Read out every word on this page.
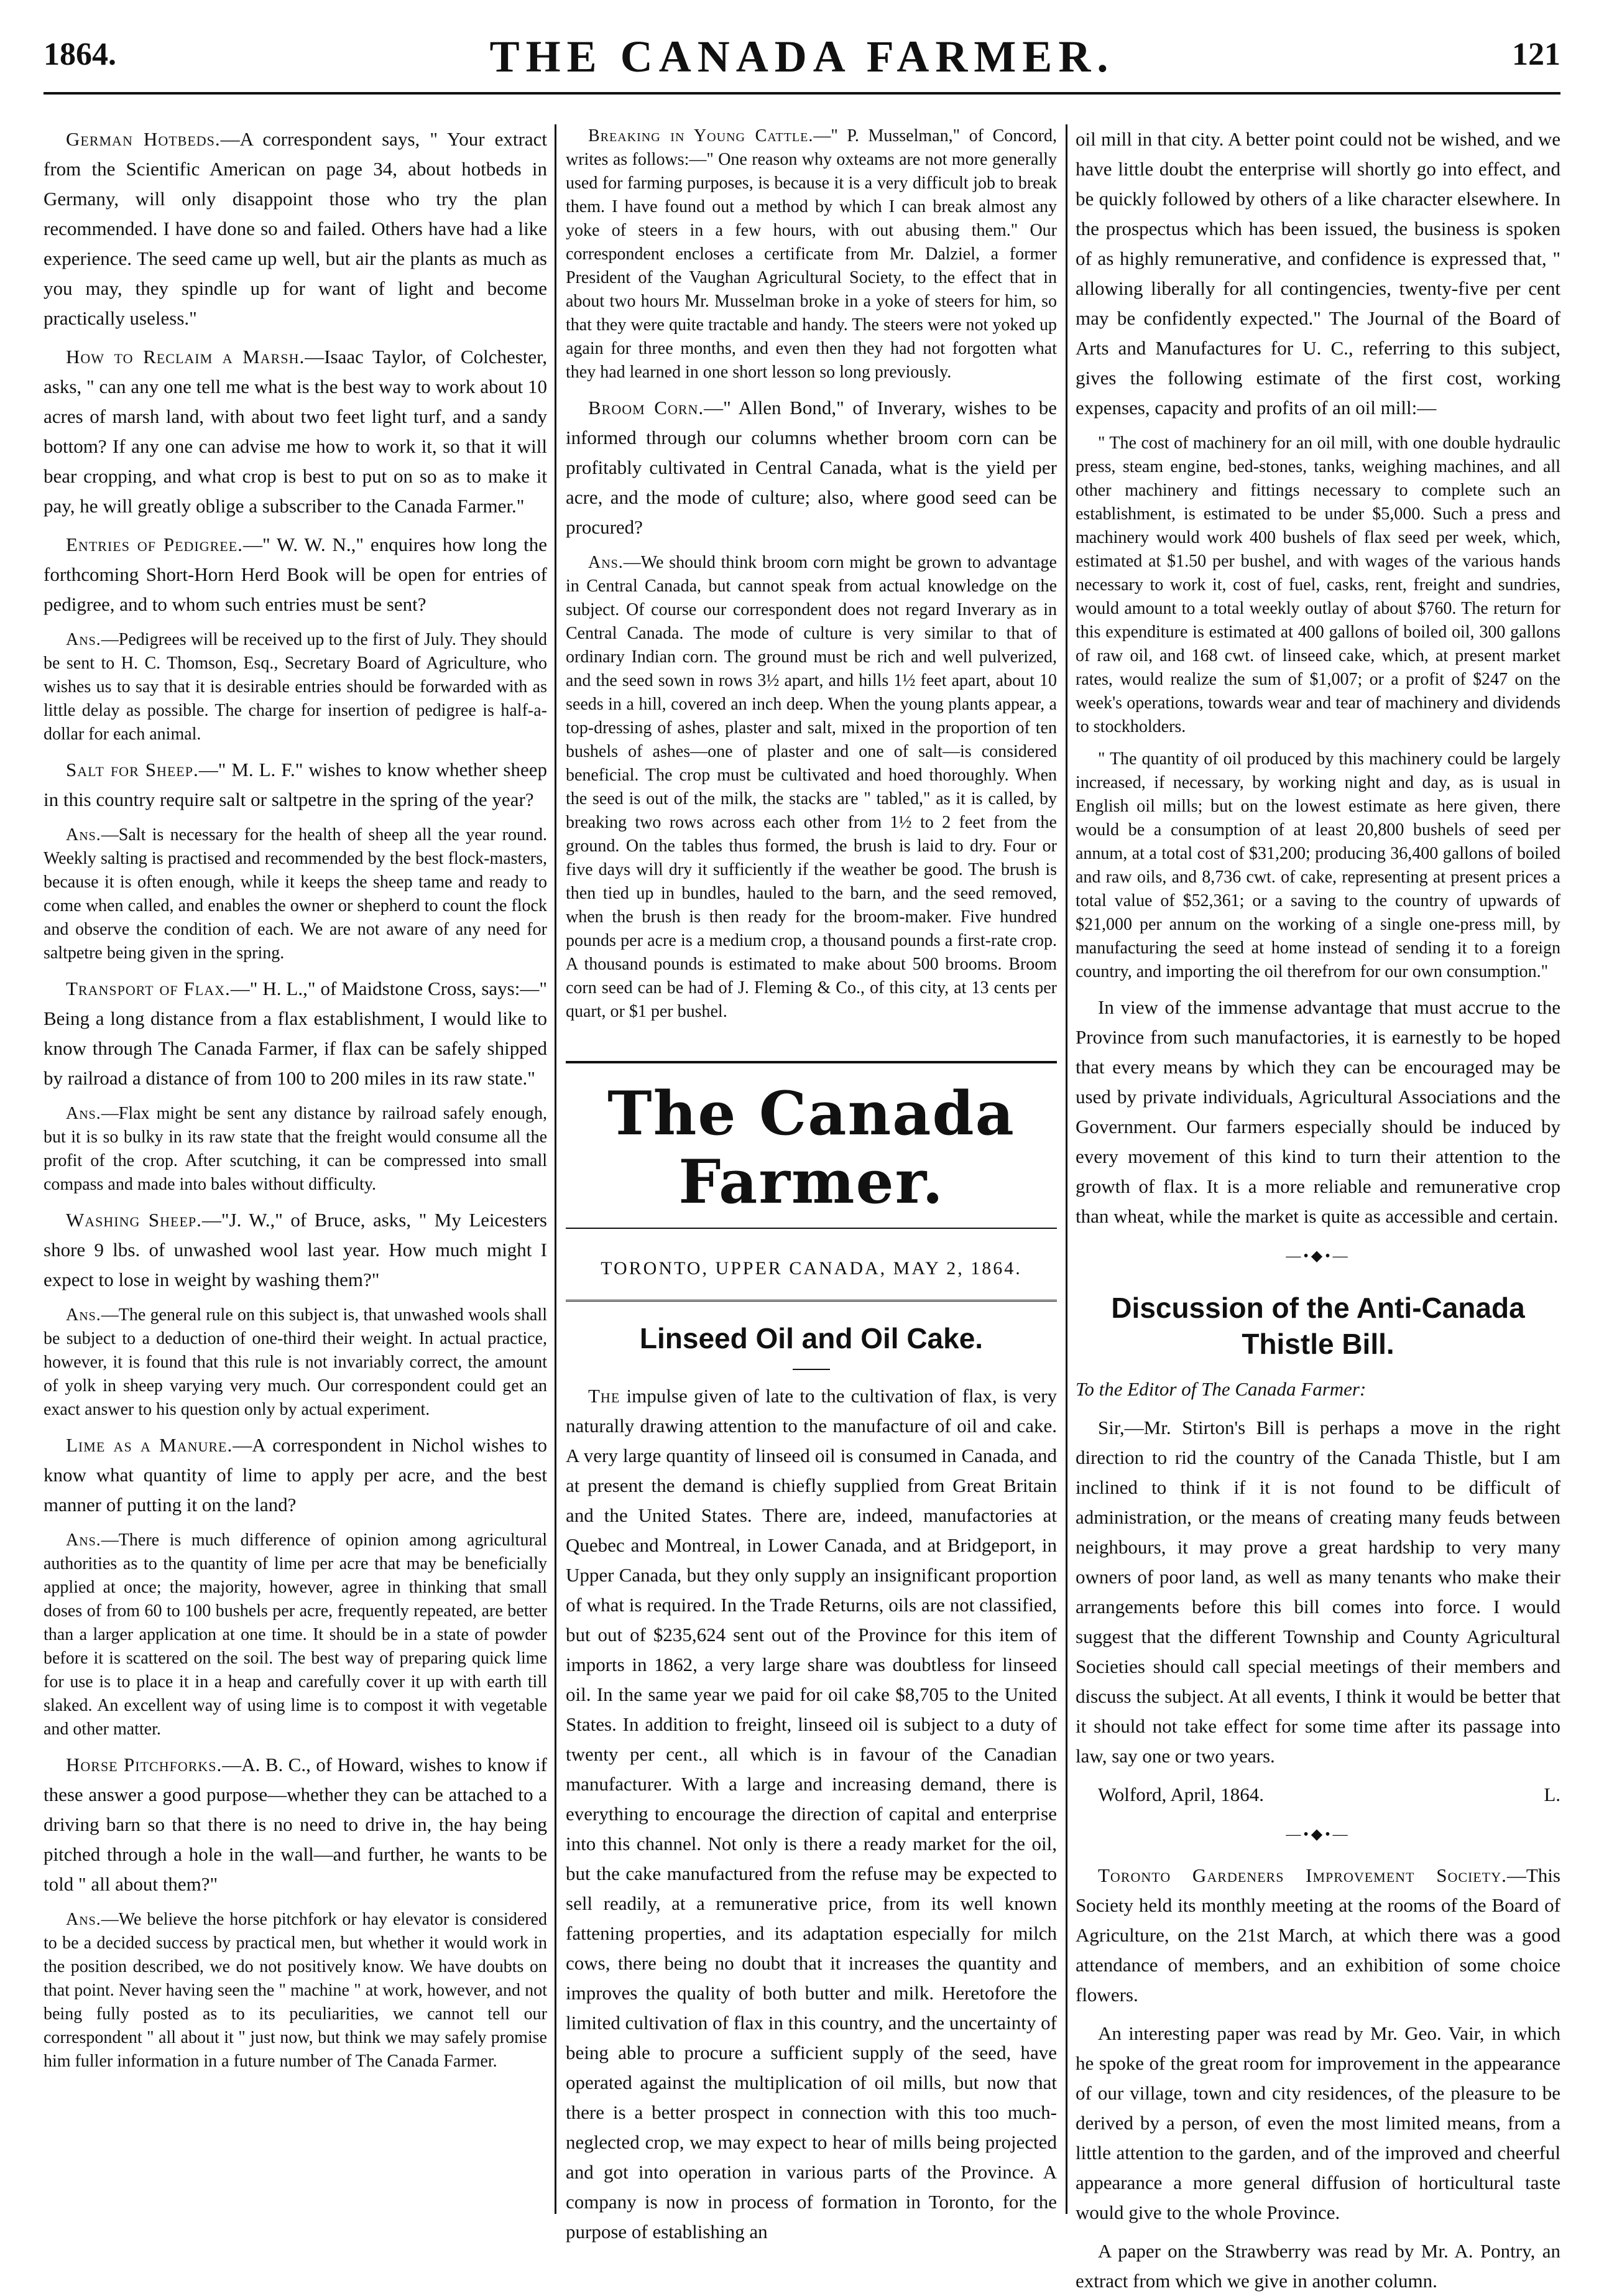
1864.	THE CANADA FARMER.	121

German Hotbeds.—A correspondent says, " Your extract from the Scientific American on page 34, about hotbeds in Germany, will only disappoint those who try the plan recommended. I have done so and failed. Others have had a like experience. The seed came up well, but air the plants as much as you may, they spindle up for want of light and become practically useless."

How to Reclaim a Marsh.—Isaac Taylor, of Colchester, asks, " can any one tell me what is the best way to work about 10 acres of marsh land, with about two feet light turf, and a sandy bottom? If any one can advise me how to work it, so that it will bear cropping, and what crop is best to put on so as to make it pay, he will greatly oblige a subscriber to the Canada Farmer."

Entries of Pedigree.—" W. W. N.," enquires how long the forthcoming Short-Horn Herd Book will be open for entries of pedigree, and to whom such entries must be sent?

Ans.—Pedigrees will be received up to the first of July. They should be sent to H. C. Thomson, Esq., Secretary Board of Agriculture, who wishes us to say that it is desirable entries should be forwarded with as little delay as possible. The charge for insertion of pedigree is half-a-dollar for each animal.

Salt for Sheep.—" M. L. F." wishes to know whether sheep in this country require salt or saltpetre in the spring of the year?

Ans.—Salt is necessary for the health of sheep all the year round. Weekly salting is practised and recommended by the best flock-masters, because it is often enough, while it keeps the sheep tame and ready to come when called, and enables the owner or shepherd to count the flock and observe the condition of each. We are not aware of any need for saltpetre being given in the spring.

Transport of Flax.—" H. L.," of Maidstone Cross, says:—" Being a long distance from a flax establishment, I would like to know through The Canada Farmer, if flax can be safely shipped by railroad a distance of from 100 to 200 miles in its raw state."

Ans.—Flax might be sent any distance by railroad safely enough, but it is so bulky in its raw state that the freight would consume all the profit of the crop. After scutching, it can be compressed into small compass and made into bales without difficulty.

Washing Sheep.—"J. W.," of Bruce, asks, " My Leicesters shore 9 lbs. of unwashed wool last year. How much might I expect to lose in weight by washing them?"

Ans.—The general rule on this subject is, that unwashed wools shall be subject to a deduction of one-third their weight. In actual practice, however, it is found that this rule is not invariably correct, the amount of yolk in sheep varying very much. Our correspondent could get an exact answer to his question only by actual experiment.

Lime as a Manure.—A correspondent in Nichol wishes to know what quantity of lime to apply per acre, and the best manner of putting it on the land?

Ans.—There is much difference of opinion among agricultural authorities as to the quantity of lime per acre that may be beneficially applied at once; the majority, however, agree in thinking that small doses of from 60 to 100 bushels per acre, frequently repeated, are better than a larger application at one time. It should be in a state of powder before it is scattered on the soil. The best way of preparing quick lime for use is to place it in a heap and carefully cover it up with earth till slaked. An excellent way of using lime is to compost it with vegetable and other matter.

Horse Pitchforks.—A. B. C., of Howard, wishes to know if these answer a good purpose—whether they can be attached to a driving barn so that there is no need to drive in, the hay being pitched through a hole in the wall—and further, he wants to be told " all about them?"

Ans.—We believe the horse pitchfork or hay elevator is considered to be a decided success by practical men, but whether it would work in the position described, we do not positively know. We have doubts on that point. Never having seen the " machine " at work, however, and not being fully posted as to its peculiarities, we cannot tell our correspondent " all about it " just now, but think we may safely promise him fuller information in a future number of The Canada Farmer.

Breaking in Young Cattle.—" P. Musselman," of Concord, writes as follows:—" One reason why oxteams are not more generally used for farming purposes, is because it is a very difficult job to break them. I have found out a method by which I can break almost any yoke of steers in a few hours, with out abusing them." Our correspondent encloses a certificate from Mr. Dalziel, a former President of the Vaughan Agricultural Society, to the effect that in about two hours Mr. Musselman broke in a yoke of steers for him, so that they were quite tractable and handy. The steers were not yoked up again for three months, and even then they had not forgotten what they had learned in one short lesson so long previously.

Broom Corn.—" Allen Bond," of Inverary, wishes to be informed through our columns whether broom corn can be profitably cultivated in Central Canada, what is the yield per acre, and the mode of culture; also, where good seed can be procured?

Ans.—We should think broom corn might be grown to advantage in Central Canada, but cannot speak from actual knowledge on the subject. Of course our correspondent does not regard Inverary as in Central Canada. The mode of culture is very similar to that of ordinary Indian corn. The ground must be rich and well pulverized, and the seed sown in rows 3½ apart, and hills 1½ feet apart, about 10 seeds in a hill, covered an inch deep. When the young plants appear, a top-dressing of ashes, plaster and salt, mixed in the proportion of ten bushels of ashes—one of plaster and one of salt—is considered beneficial. The crop must be cultivated and hoed thoroughly. When the seed is out of the milk, the stacks are " tabled," as it is called, by breaking two rows across each other from 1½ to 2 feet from the ground. On the tables thus formed, the brush is laid to dry. Four or five days will dry it sufficiently if the weather be good. The brush is then tied up in bundles, hauled to the barn, and the seed removed, when the brush is then ready for the broom-maker. Five hundred pounds per acre is a medium crop, a thousand pounds a first-rate crop. A thousand pounds is estimated to make about 500 brooms. Broom corn seed can be had of J. Fleming & Co., of this city, at 13 cents per quart, or $1 per bushel.

The Canada Farmer.
TORONTO, UPPER CANADA, MAY 2, 1864.
Linseed Oil and Oil Cake.

The impulse given of late to the cultivation of flax, is very naturally drawing attention to the manufacture of oil and cake. A very large quantity of linseed oil is consumed in Canada, and at present the demand is chiefly supplied from Great Britain and the United States. There are, indeed, manufactories at Quebec and Montreal, in Lower Canada, and at Bridgeport, in Upper Canada, but they only supply an insignificant proportion of what is required. In the Trade Returns, oils are not classified, but out of $235,624 sent out of the Province for this item of imports in 1862, a very large share was doubtless for linseed oil. In the same year we paid for oil cake $8,705 to the United States. In addition to freight, linseed oil is subject to a duty of twenty per cent., all which is in favour of the Canadian manufacturer. With a large and increasing demand, there is everything to encourage the direction of capital and enterprise into this channel. Not only is there a ready market for the oil, but the cake manufactured from the refuse may be expected to sell readily, at a remunerative price, from its well known fattening properties, and its adaptation especially for milch cows, there being no doubt that it increases the quantity and improves the quality of both butter and milk. Heretofore the limited cultivation of flax in this country, and the uncertainty of being able to procure a sufficient supply of the seed, have operated against the multiplication of oil mills, but now that there is a better prospect in connection with this too much-neglected crop, we may expect to hear of mills being projected and got into operation in various parts of the Province. A company is now in process of formation in Toronto, for the purpose of establishing an

oil mill in that city. A better point could not be wished, and we have little doubt the enterprise will shortly go into effect, and be quickly followed by others of a like character elsewhere. In the prospectus which has been issued, the business is spoken of as highly remunerative, and confidence is expressed that, " allowing liberally for all contingencies, twenty-five per cent may be confidently expected." The Journal of the Board of Arts and Manufactures for U. C., referring to this subject, gives the following estimate of the first cost, working expenses, capacity and profits of an oil mill:—

" The cost of machinery for an oil mill, with one double hydraulic press, steam engine, bed-stones, tanks, weighing machines, and all other machinery and fittings necessary to complete such an establishment, is estimated to be under $5,000. Such a press and machinery would work 400 bushels of flax seed per week, which, estimated at $1.50 per bushel, and with wages of the various hands necessary to work it, cost of fuel, casks, rent, freight and sundries, would amount to a total weekly outlay of about $760. The return for this expenditure is estimated at 400 gallons of boiled oil, 300 gallons of raw oil, and 168 cwt. of linseed cake, which, at present market rates, would realize the sum of $1,007; or a profit of $247 on the week's operations, towards wear and tear of machinery and dividends to stockholders.

" The quantity of oil produced by this machinery could be largely increased, if necessary, by working night and day, as is usual in English oil mills; but on the lowest estimate as here given, there would be a consumption of at least 20,800 bushels of seed per annum, at a total cost of $31,200; producing 36,400 gallons of boiled and raw oils, and 8,736 cwt. of cake, representing at present prices a total value of $52,361; or a saving to the country of upwards of $21,000 per annum on the working of a single one-press mill, by manufacturing the seed at home instead of sending it to a foreign country, and importing the oil therefrom for our own consumption."

In view of the immense advantage that must accrue to the Province from such manufactories, it is earnestly to be hoped that every means by which they can be encouraged may be used by private individuals, Agricultural Associations and the Government. Our farmers especially should be induced by every movement of this kind to turn their attention to the growth of flax. It is a more reliable and remunerative crop than wheat, while the market is quite as accessible and certain.

—•◆•—
Discussion of the Anti-Canada Thistle Bill.

To the Editor of The Canada Farmer:

Sir,—Mr. Stirton's Bill is perhaps a move in the right direction to rid the country of the Canada Thistle, but I am inclined to think if it is not found to be difficult of administration, or the means of creating many feuds between neighbours, it may prove a great hardship to very many owners of poor land, as well as many tenants who make their arrangements before this bill comes into force. I would suggest that the different Township and County Agricultural Societies should call special meetings of their members and discuss the subject. At all events, I think it would be better that it should not take effect for some time after its passage into law, say one or two years.

Wolford, April, 1864.	L.

—•◆•—

Toronto Gardeners Improvement Society.—This Society held its monthly meeting at the rooms of the Board of Agriculture, on the 21st March, at which there was a good attendance of members, and an exhibition of some choice flowers.

An interesting paper was read by Mr. Geo. Vair, in which he spoke of the great room for improvement in the appearance of our village, town and city residences, of the pleasure to be derived by a person, of even the most limited means, from a little attention to the garden, and of the improved and cheerful appearance a more general diffusion of horticultural taste would give to the whole Province.

A paper on the Strawberry was read by Mr. A. Pontry, an extract from which we give in another column.
